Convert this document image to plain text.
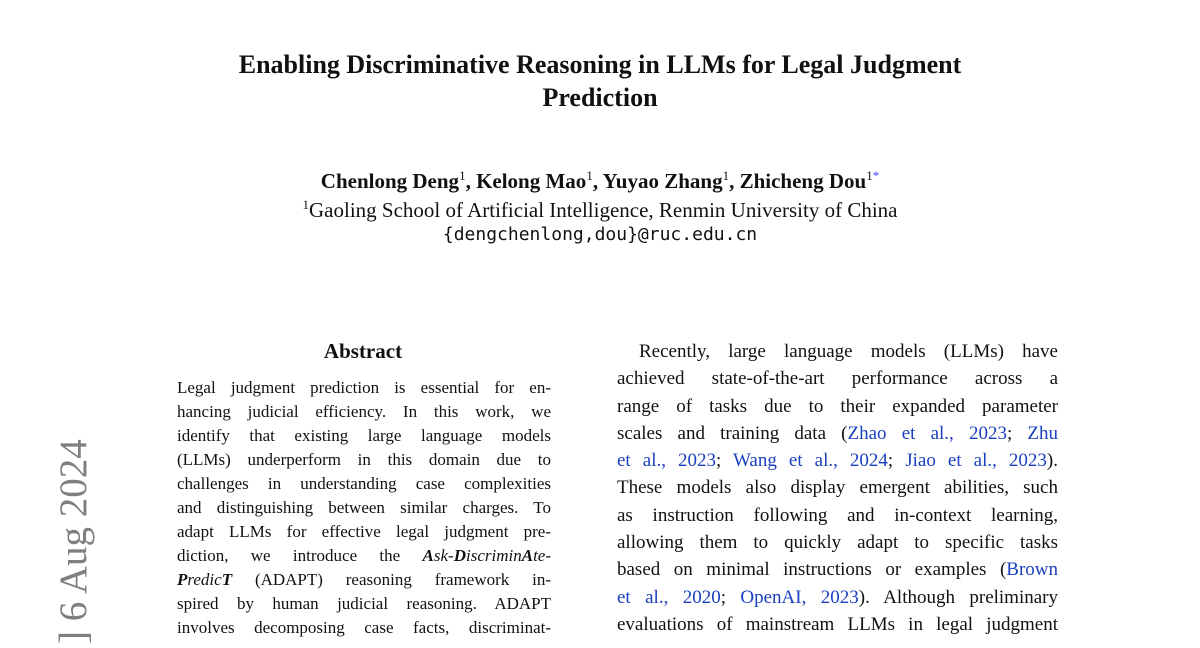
Enabling Discriminative Reasoning in LLMs for Legal Judgment
Prediction
Chenlong Deng$^1$, Kelong Mao$^1$, Yuyao Zhang$^1$, Zhicheng Dou$^{1*}$
$^1$Gaoling School of Artificial Intelligence, Renmin University of China
{dengchenlong,dou}@ruc.edu.cn
] 6 Aug 2024
Abstract
Legal judgment prediction is essential for en-
hancing judicial efficiency. In this work, we
identify that existing large language models
(LLMs) underperform in this domain due to
challenges in understanding case complexities
and distinguishing between similar charges. To
adapt LLMs for effective legal judgment pre-
diction, we introduce the Ask-DiscriminAte-
PredicT (ADAPT) reasoning framework in-
spired by human judicial reasoning. ADAPT
involves decomposing case facts, discriminat-
Recently, large language models (LLMs) have
achieved state-of-the-art performance across a
range of tasks due to their expanded parameter
scales and training data (Zhao et al., 2023; Zhu
et al., 2023; Wang et al., 2024; Jiao et al., 2023).
These models also display emergent abilities, such
as instruction following and in-context learning,
allowing them to quickly adapt to specific tasks
based on minimal instructions or examples (Brown
et al., 2020; OpenAI, 2023). Although preliminary
evaluations of mainstream LLMs in legal judgment
